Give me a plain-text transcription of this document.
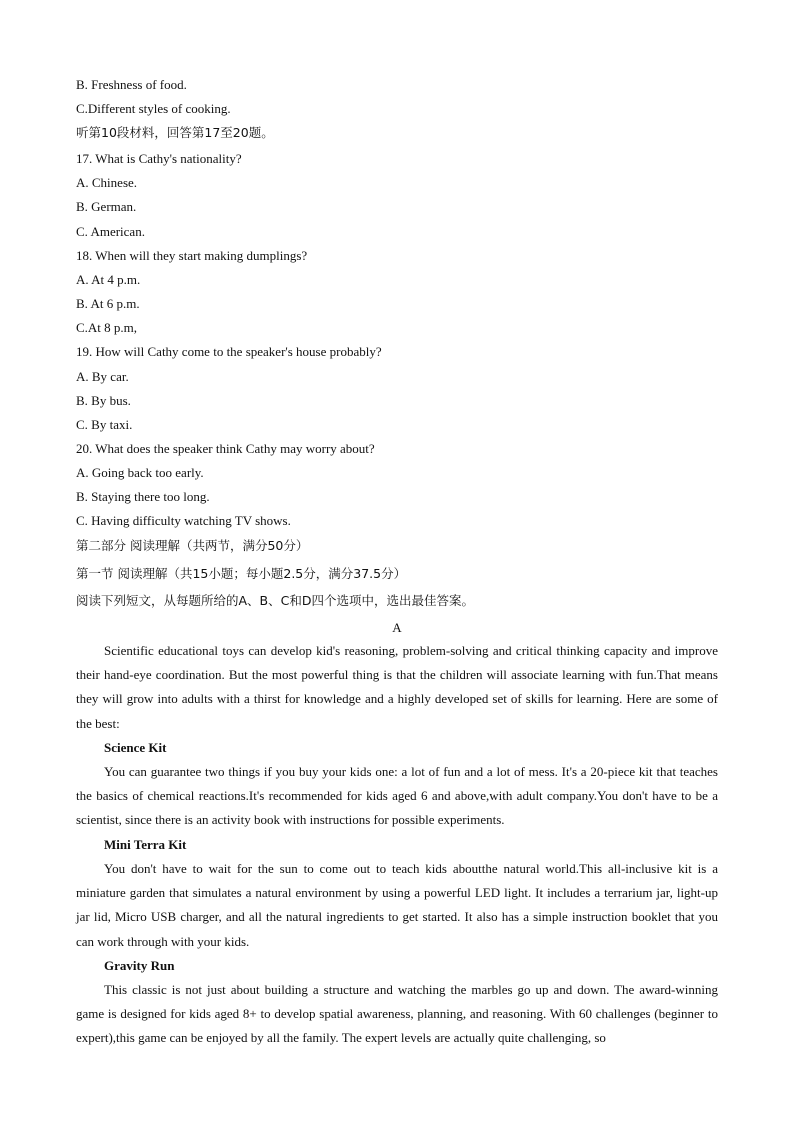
B. Freshness of food.
C.Different styles of cooking.
听第10段材料，回答第17至20题。
17. What is Cathy's nationality?
A. Chinese.
B. German.
C. American.
18. When will they start making dumplings?
A. At 4 p.m.
B. At 6 p.m.
C.At 8 p.m,
19. How will Cathy come to the speaker's house probably?
A. By car.
B. By bus.
C. By taxi.
20. What does the speaker think Cathy may worry about?
A. Going back too early.
B. Staying there too long.
C. Having difficulty watching TV shows.
第二部分 阅读理解（共两节，满分50分）
第一节 阅读理解（共15小题；每小题2.5分，满分37.5分）
阅读下列短文，从每题所给的A、B、C和D四个选项中，选出最佳答案。
A
Scientific educational toys can develop kid's reasoning, problem-solving and critical thinking capacity and improve their hand-eye coordination. But the most powerful thing is that the children will associate learning with fun.That means they will grow into adults with a thirst for knowledge and a highly developed set of skills for learning. Here are some of the best:
Science Kit
You can guarantee two things if you buy your kids one: a lot of fun and a lot of mess. It's a 20-piece kit that teaches the basics of chemical reactions.It's recommended for kids aged 6 and above,with adult company.You don't have to be a scientist, since there is an activity book with instructions for possible experiments.
Mini Terra Kit
You don't have to wait for the sun to come out to teach kids aboutthe natural world.This all-inclusive kit is a miniature garden that simulates a natural environment by using a powerful LED light. It includes a terrarium jar, light-up jar lid, Micro USB charger, and all the natural ingredients to get started. It also has a simple instruction booklet that you can work through with your kids.
Gravity Run
This classic is not just about building a structure and watching the marbles go up and down. The award-winning game is designed for kids aged 8+ to develop spatial awareness, planning, and reasoning. With 60 challenges (beginner to expert),this game can be enjoyed by all the family. The expert levels are actually quite challenging, so
